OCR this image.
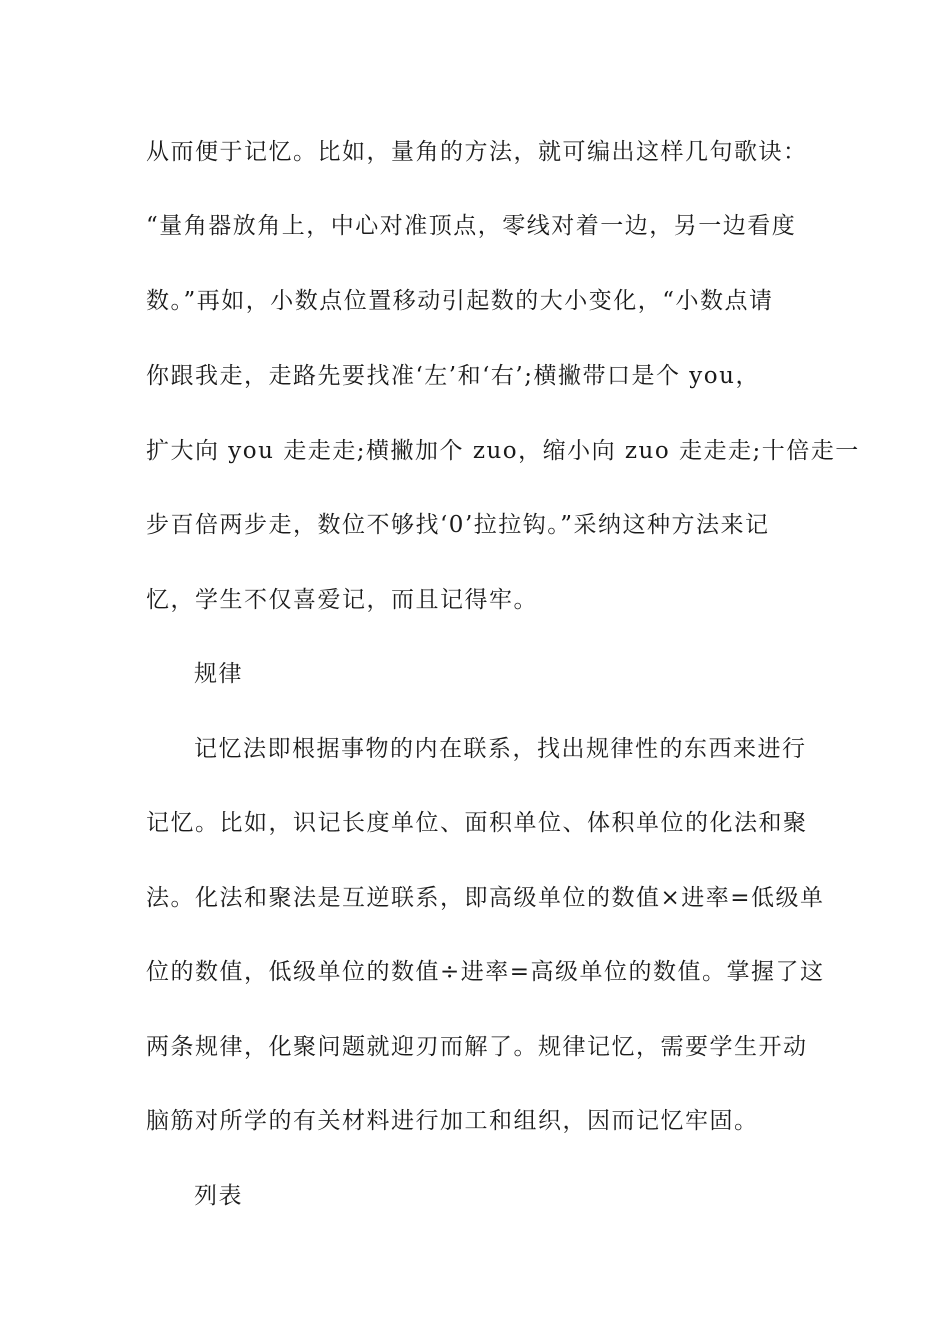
从而便于记忆。比如，量角的方法，就可编出这样几句歌诀：
“量角器放角上，中心对准顶点，零线对着一边，另一边看度
数。”再如，小数点位置移动引起数的大小变化，“小数点请
你跟我走，走路先要找准‘左’和‘右’;横撇带口是个 you，
扩大向 you 走走走;横撇加个 zuo，缩小向 zuo 走走走;十倍走一
步百倍两步走，数位不够找‘0’拉拉钩。”采纳这种方法来记
忆，学生不仅喜爱记，而且记得牢。
规律
记忆法即根据事物的内在联系，找出规律性的东西来进行
记忆。比如，识记长度单位、面积单位、体积单位的化法和聚
法。化法和聚法是互逆联系，即高级单位的数值×进率=低级单
位的数值，低级单位的数值÷进率=高级单位的数值。掌握了这
两条规律，化聚问题就迎刃而解了。规律记忆，需要学生开动
脑筋对所学的有关材料进行加工和组织，因而记忆牢固。
列表
